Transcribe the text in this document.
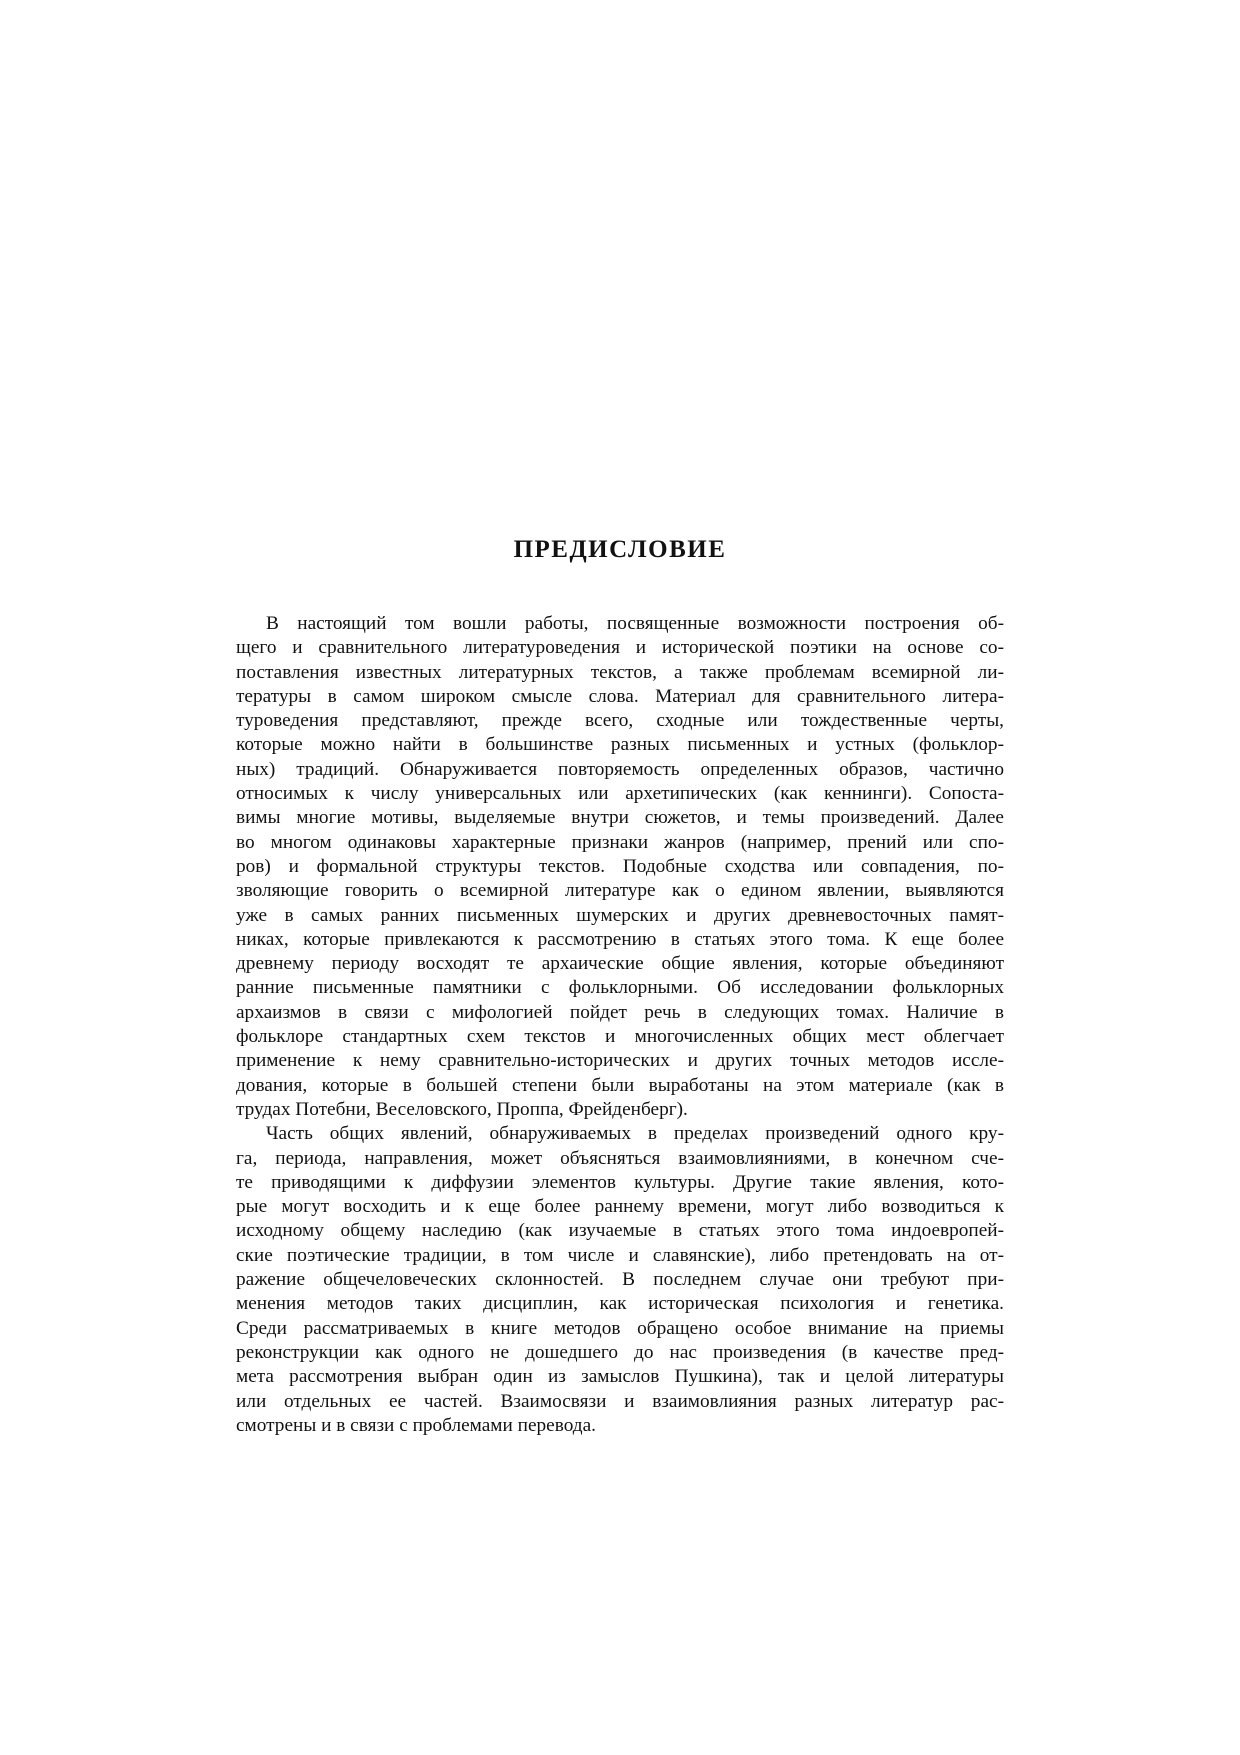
ПРЕДИСЛОВИЕ
В настоящий том вошли работы, посвященные возможности построения об-
щего и сравнительного литературоведения и исторической поэтики на основе со-
поставления известных литературных текстов, а также проблемам всемирной ли-
тературы в самом широком смысле слова. Материал для сравнительного литера-
туроведения представляют, прежде всего, сходные или тождественные черты,
которые можно найти в большинстве разных письменных и устных (фольклор-
ных) традиций. Обнаруживается повторяемость определенных образов, частично
относимых к числу универсальных или архетипических (как кеннинги). Сопоста-
вимы многие мотивы, выделяемые внутри сюжетов, и темы произведений. Далее
во многом одинаковы характерные признаки жанров (например, прений или спо-
ров) и формальной структуры текстов. Подобные сходства или совпадения, по-
зволяющие говорить о всемирной литературе как о едином явлении, выявляются
уже в самых ранних письменных шумерских и других древневосточных памят-
никах, которые привлекаются к рассмотрению в статьях этого тома. К еще более
древнему периоду восходят те архаические общие явления, которые объединяют
ранние письменные памятники с фольклорными. Об исследовании фольклорных
архаизмов в связи с мифологией пойдет речь в следующих томах. Наличие в
фольклоре стандартных схем текстов и многочисленных общих мест облегчает
применение к нему сравнительно-исторических и других точных методов иссле-
дования, которые в большей степени были выработаны на этом материале (как в
трудах Потебни, Веселовского, Проппа, Фрейденберг).
Часть общих явлений, обнаруживаемых в пределах произведений одного кру-
га, периода, направления, может объясняться взаимовлияниями, в конечном сче-
те приводящими к диффузии элементов культуры. Другие такие явления, кото-
рые могут восходить и к еще более раннему времени, могут либо возводиться к
исходному общему наследию (как изучаемые в статьях этого тома индоевропей-
ские поэтические традиции, в том числе и славянские), либо претендовать на от-
ражение общечеловеческих склонностей. В последнем случае они требуют при-
менения методов таких дисциплин, как историческая психология и генетика.
Среди рассматриваемых в книге методов обращено особое внимание на приемы
реконструкции как одного не дошедшего до нас произведения (в качестве пред-
мета рассмотрения выбран один из замыслов Пушкина), так и целой литературы
или отдельных ее частей. Взаимосвязи и взаимовлияния разных литератур рас-
смотрены и в связи с проблемами перевода.
